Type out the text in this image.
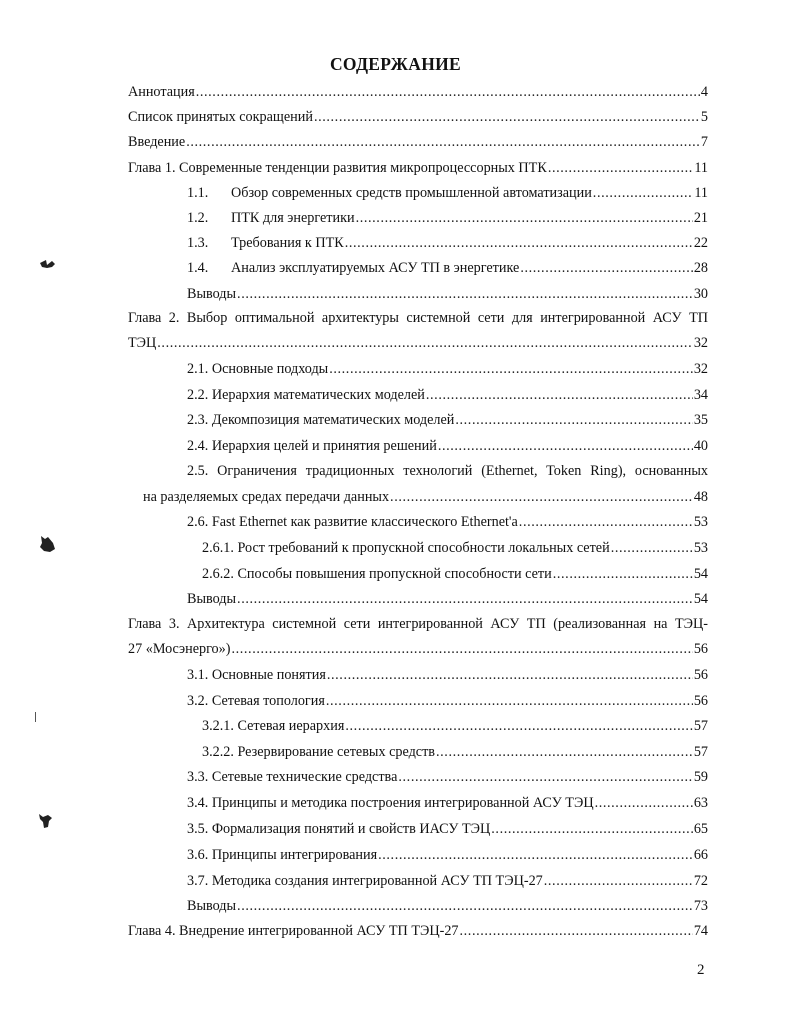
СОДЕРЖАНИЕ
Аннотация .....	4
Список принятых сокращений .....	5
Введение .....	7
Глава 1. Современные тенденции развития микропроцессорных ПТК .....	11
1.1. Обзор современных средств промышленной автоматизации .....	11
1.2. ПТК для энергетики .....	21
1.3. Требования к ПТК .....	22
1.4. Анализ эксплуатируемых АСУ ТП в энергетике .....	28
Выводы .....	30
Глава 2. Выбор оптимальной архитектуры системной сети для интегрированной АСУ ТП
ТЭЦ .....	32
2.1. Основные подходы .....	32
2.2. Иерархия математических моделей .....	34
2.3. Декомпозиция математических моделей .....	35
2.4. Иерархия целей и принятия решений .....	40
2.5. Ограничения традиционных технологий (Ethernet, Token Ring), основанных
на разделяемых средах передачи данных .....	48
2.6. Fast Ethernet как развитие классического Ethernet'а .....	53
2.6.1. Рост требований к пропускной способности локальных сетей .....	53
2.6.2. Способы повышения пропускной способности сети .....	54
Выводы .....	54
Глава 3. Архитектура системной сети интегрированной АСУ ТП (реализованная на ТЭЦ-
27 «Мосэнерго») .....	56
3.1. Основные понятия .....	56
3.2. Сетевая топология .....	56
3.2.1. Сетевая иерархия .....	57
3.2.2. Резервирование сетевых средств .....	57
3.3. Сетевые технические средства .....	59
3.4. Принципы и методика построения интегрированной АСУ ТЭЦ .....	63
3.5. Формализация понятий и свойств ИАСУ ТЭЦ .....	65
3.6. Принципы интегрирования .....	66
3.7. Методика создания интегрированной АСУ ТП ТЭЦ-27 .....	72
Выводы .....	73
Глава 4. Внедрение интегрированной АСУ ТП ТЭЦ-27 .....	74
2
